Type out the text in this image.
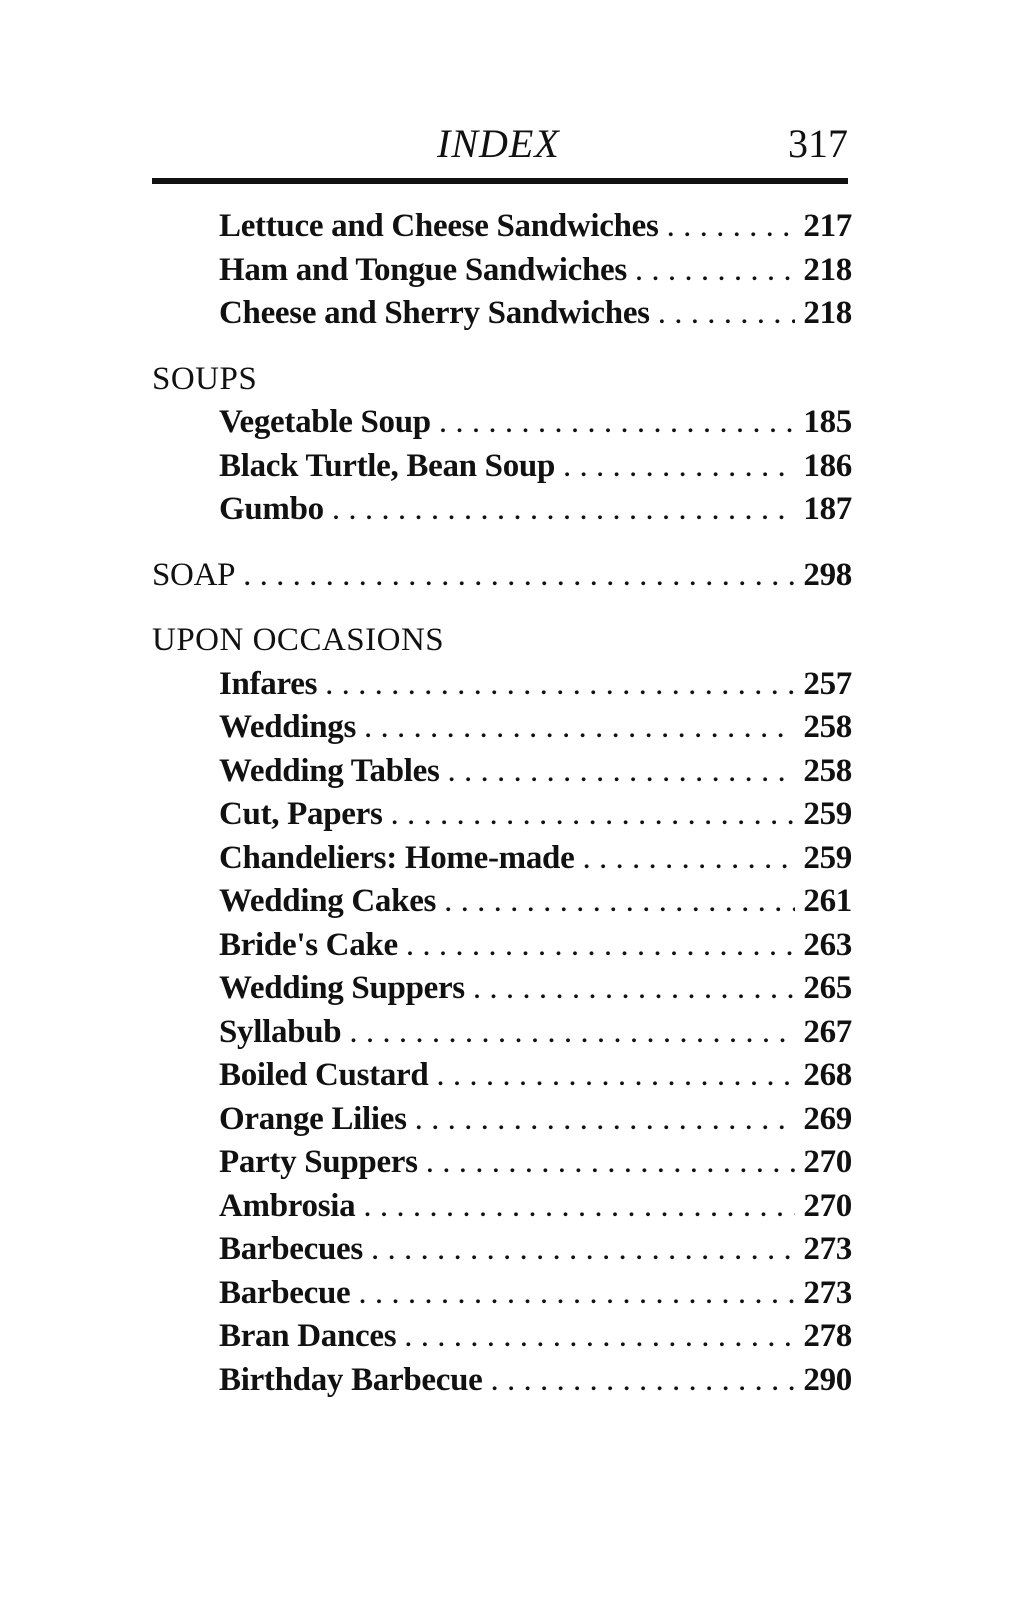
INDEX	317
Lettuce and Cheese Sandwiches . . .	217
Ham and Tongue Sandwiches . . .	218
Cheese and Sherry Sandwiches . . .	218
SOUPS
Vegetable Soup . . .	185
Black Turtle, Bean Soup . . .	186
Gumbo . . .	187
SOAP . . .	298
UPON OCCASIONS
Infares . . .	257
Weddings . . .	258
Wedding Tables . . .	258
Cut, Papers . . .	259
Chandeliers: Home-made . . .	259
Wedding Cakes . . .	261
Bride's Cake . . .	263
Wedding Suppers . . .	265
Syllabub . . .	267
Boiled Custard . . .	268
Orange Lilies . . .	269
Party Suppers . . .	270
Ambrosia . . .	270
Barbecues . . .	273
Barbecue . . .	273
Bran Dances . . .	278
Birthday Barbecue . . .	290
